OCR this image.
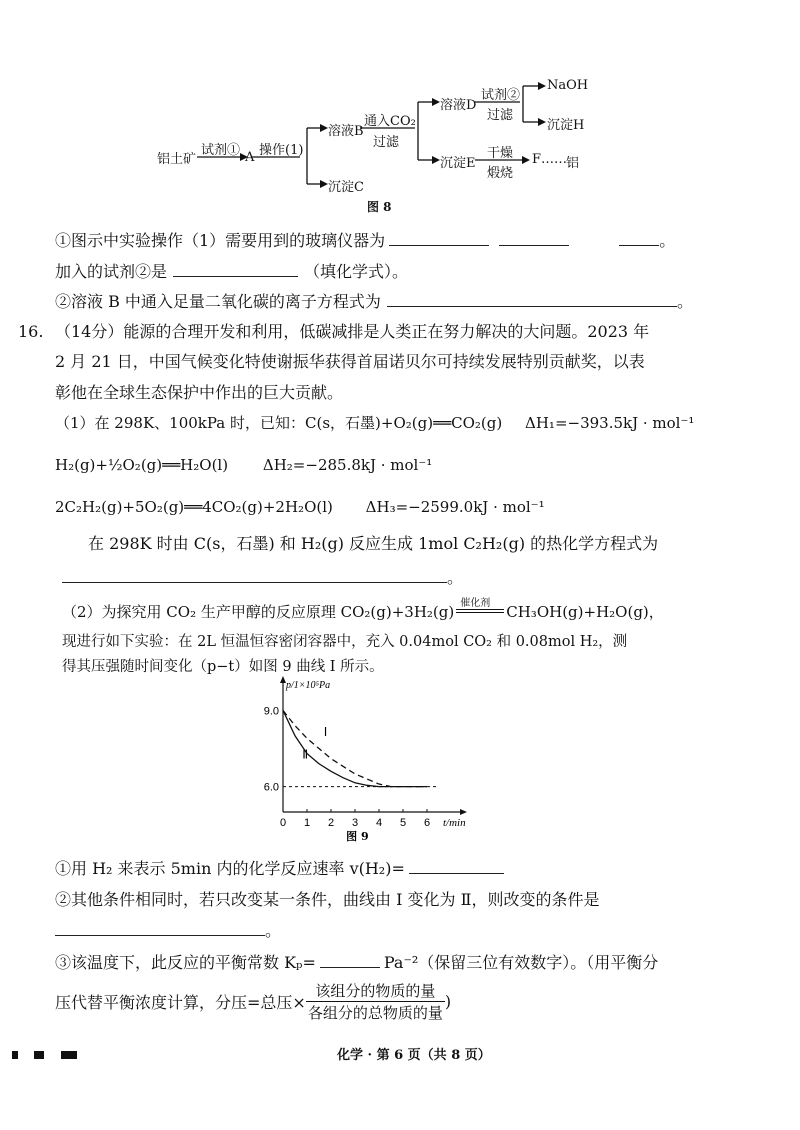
铝土矿
试剂① A 操作(1)
溶液B
沉淀C
通入CO₂
过滤
溶液D
沉淀E
试剂②
过滤
NaOH
沉淀H
干燥
煅烧
F …… 铝
图 8
①图示中实验操作（1）需要用到的玻璃仪器为	。
加入的试剂②是	（填化学式）。
②溶液 B 中通入足量二氧化碳的离子方程式为	。
16. （14分）能源的合理开发和利用，低碳减排是人类正在努力解决的大问题。2023 年
2 月 21 日，中国气候变化特使谢振华获得首届诺贝尔可持续发展特别贡献奖，以表
彰他在全球生态保护中作出的巨大贡献。
（1）在 298K、100kPa 时，已知：C(s，石墨)+O₂(g)══CO₂(g) ΔH₁=−393.5kJ · mol⁻¹
H₂(g)+½O₂(g)══H₂O(l) ΔH₂=−285.8kJ · mol⁻¹
2C₂H₂(g)+5O₂(g)══4CO₂(g)+2H₂O(l) ΔH₃=−2599.0kJ · mol⁻¹
在 298K 时由 C(s，石墨) 和 H₂(g) 反应生成 1mol C₂H₂(g) 的热化学方程式为
。
（2）为探究用 CO₂ 生产甲醇的反应原理 CO₂(g)+3H₂(g) 催化剂 CH₃OH(g)+H₂O(g)，
现进行如下实验：在 2L 恒温恒容密闭容器中，充入 0.04mol CO₂ 和 0.08mol H₂，测
得其压强随时间变化（p−t）如图 9 曲线 Ⅰ 所示。
0 1 2 3 4 5 6 t/min
9.0
6.0
p/1×10⁵Pa
Ⅰ
Ⅱ
图 9
①用 H₂ 来表示 5min 内的化学反应速率 v(H₂)=
②其他条件相同时，若只改变某一条件，曲线由 Ⅰ 变化为 Ⅱ，则改变的条件是
。
③该温度下，此反应的平衡常数 Kₚ=	Pa⁻²（保留三位有效数字）。（用平衡分
压代替平衡浓度计算，分压=总压× $\frac{\text{该组分的物质的量}}{\text{各组分的总物质的量}}$ )
化学 · 第 6 页（共 8 页）
